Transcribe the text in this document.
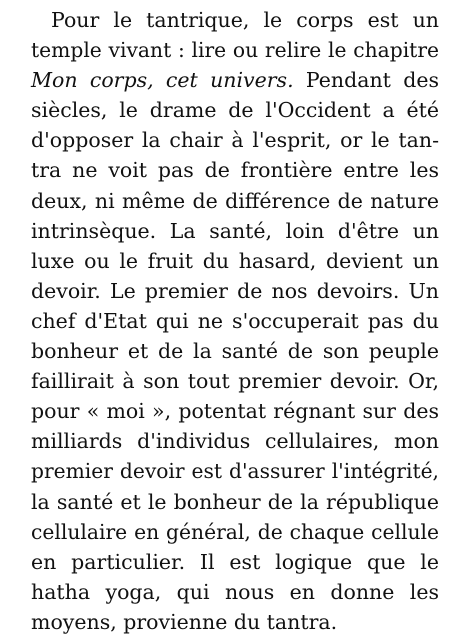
Pour le tantrique, le corps est un
temple vivant : lire ou relire le chapitre
Mon corps, cet univers. Pendant des
siècles, le drame de l'Occident a été
d'opposer la chair à l'esprit, or le tan-
tra ne voit pas de frontière entre les
deux, ni même de différence de nature
intrinsèque. La santé, loin d'être un
luxe ou le fruit du hasard, devient un
devoir. Le premier de nos devoirs. Un
chef d'Etat qui ne s'occuperait pas du
bonheur et de la santé de son peuple
faillirait à son tout premier devoir. Or,
pour « moi », potentat régnant sur des
milliards d'individus cellulaires, mon
premier devoir est d'assurer l'intégrité,
la santé et le bonheur de la république
cellulaire en général, de chaque cellule
en particulier. Il est logique que le
hatha yoga, qui nous en donne les
moyens, provienne du tantra.
